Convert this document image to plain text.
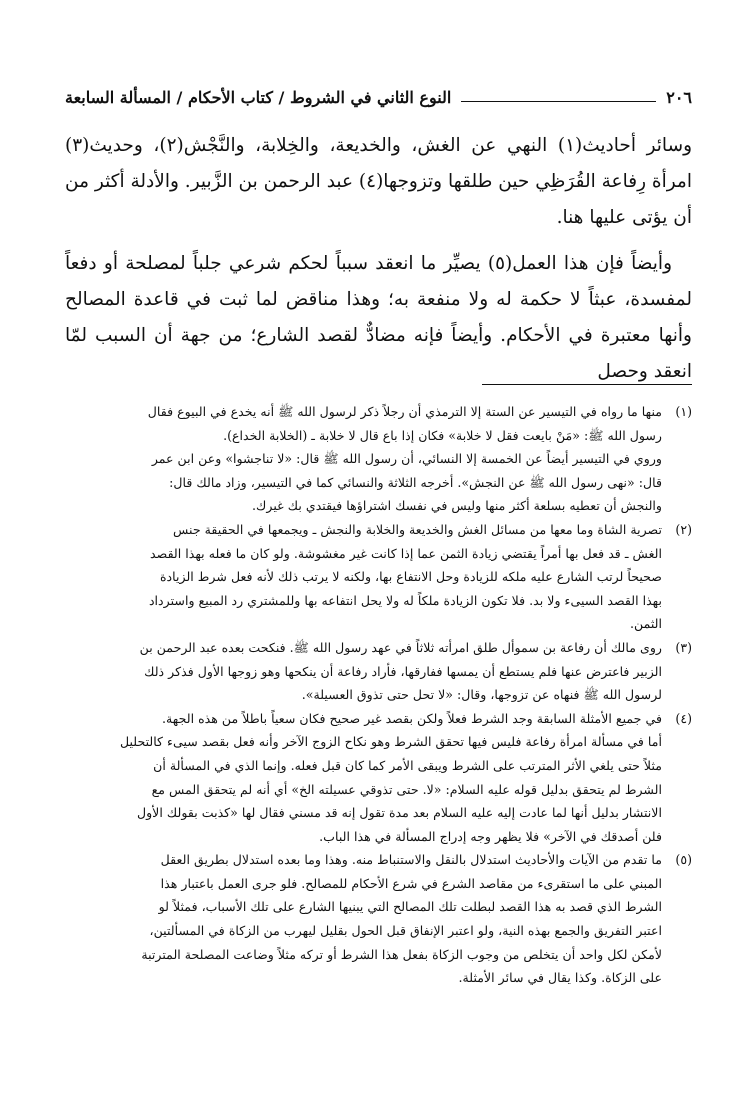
٢٠٦
النوع الثاني في الشروط / كتاب الأحكام / المسألة السابعة

وسائر أحاديث(١) النهي عن الغش، والخديعة، والخِلابة، والنَّجْش(٢)، وحديث(٣) امرأة رِفاعة القُرَظِي حين طلقها وتزوجها(٤) عبد الرحمن بن الزَّبير. والأدلة أكثر من أن يؤتى عليها هنا.

وأيضاً فإن هذا العمل(٥) يصيِّر ما انعقد سبباً لحكم شرعي جلباً لمصلحة أو دفعاً لمفسدة، عبثاً لا حكمة له ولا منفعة به؛ وهذا مناقض لما ثبت في قاعدة المصالح وأنها معتبرة في الأحكام. وأيضاً فإنه مضادٌّ لقصد الشارع؛ من جهة أن السبب لمّا انعقد وحصل

(١)
منها ما رواه في التيسير عن الستة إلا الترمذي أن رجلاً ذكر لرسول الله ﷺ أنه يخدع في البيوع فقال
رسول الله ﷺ: «مَنْ بايعت فقل لا خلابة» فكان إذا باع قال لا خلابة ـ (الخلابة الخداع).
وروي في التيسير أيضاً عن الخمسة إلا النسائي، أن رسول الله ﷺ قال: «لا تناجشوا» وعن ابن عمر
قال: «نهى رسول الله ﷺ عن النجش». أخرجه الثلاثة والنسائي كما في التيسير، وزاد مالك قال:
والنجش أن تعطيه بسلعة أكثر منها وليس في نفسك اشتراؤها فيقتدي بك غيرك.
(٢)
تصرية الشاة وما معها من مسائل الغش والخديعة والخلابة والنجش ـ ويجمعها في الحقيقة جنس
الغش ـ قد فعل بها أمراً يقتضي زيادة الثمن عما إذا كانت غير مغشوشة. ولو كان ما فعله بهذا القصد
صحيحاً لرتب الشارع عليه ملكه للزيادة وحل الانتفاع بها، ولكنه لا يرتب ذلك لأنه فعل شرط الزيادة
بهذا القصد السيىء ولا بد. فلا تكون الزيادة ملكاً له ولا يحل انتفاعه بها وللمشتري رد المبيع واسترداد
الثمن.
(٣)
روى مالك أن رفاعة بن سموأل طلق امرأته ثلاثاً في عهد رسول الله ﷺ. فنكحت بعده عبد الرحمن بن
الزبير فاعترض عنها فلم يستطع أن يمسها ففارقها، فأراد رفاعة أن ينكحها وهو زوجها الأول فذكر ذلك
لرسول الله ﷺ فنهاه عن تزوجها، وقال: «لا تحل حتى تذوق العسيلة».
(٤)
في جميع الأمثلة السابقة وجد الشرط فعلاً ولكن بقصد غير صحيح فكان سعياً باطلاً من هذه الجهة.
أما في مسألة امرأة رفاعة فليس فيها تحقق الشرط وهو نكاح الزوج الآخر وأنه فعل بقصد سيىء كالتحليل
مثلاً حتى يلغي الأثر المترتب على الشرط ويبقى الأمر كما كان قبل فعله. وإنما الذي في المسألة أن
الشرط لم يتحقق بدليل قوله عليه السلام: «لا. حتى تذوقي عسيلته الخ» أي أنه لم يتحقق المس مع
الانتشار بدليل أنها لما عادت إليه عليه السلام بعد مدة تقول إنه قد مسني فقال لها «كذبت بقولك الأول
فلن أصدقك في الآخر» فلا يظهر وجه إدراج المسألة في هذا الباب.
(٥)
ما تقدم من الآيات والأحاديث استدلال بالنقل والاستنباط منه. وهذا وما بعده استدلال بطريق العقل
المبني على ما استقرىء من مقاصد الشرع في شرع الأحكام للمصالح. فلو جرى العمل باعتبار هذا
الشرط الذي قصد به هذا القصد لبطلت تلك المصالح التي يبنيها الشارع على تلك الأسباب، فمثلاً لو
اعتبر التفريق والجمع بهذه النية، ولو اعتبر الإنفاق قبل الحول بقليل ليهرب من الزكاة في المسألتين،
لأمكن لكل واحد أن يتخلص من وجوب الزكاة بفعل هذا الشرط أو تركه مثلاً وضاعت المصلحة المترتبة
على الزكاة. وكذا يقال في سائر الأمثلة.
